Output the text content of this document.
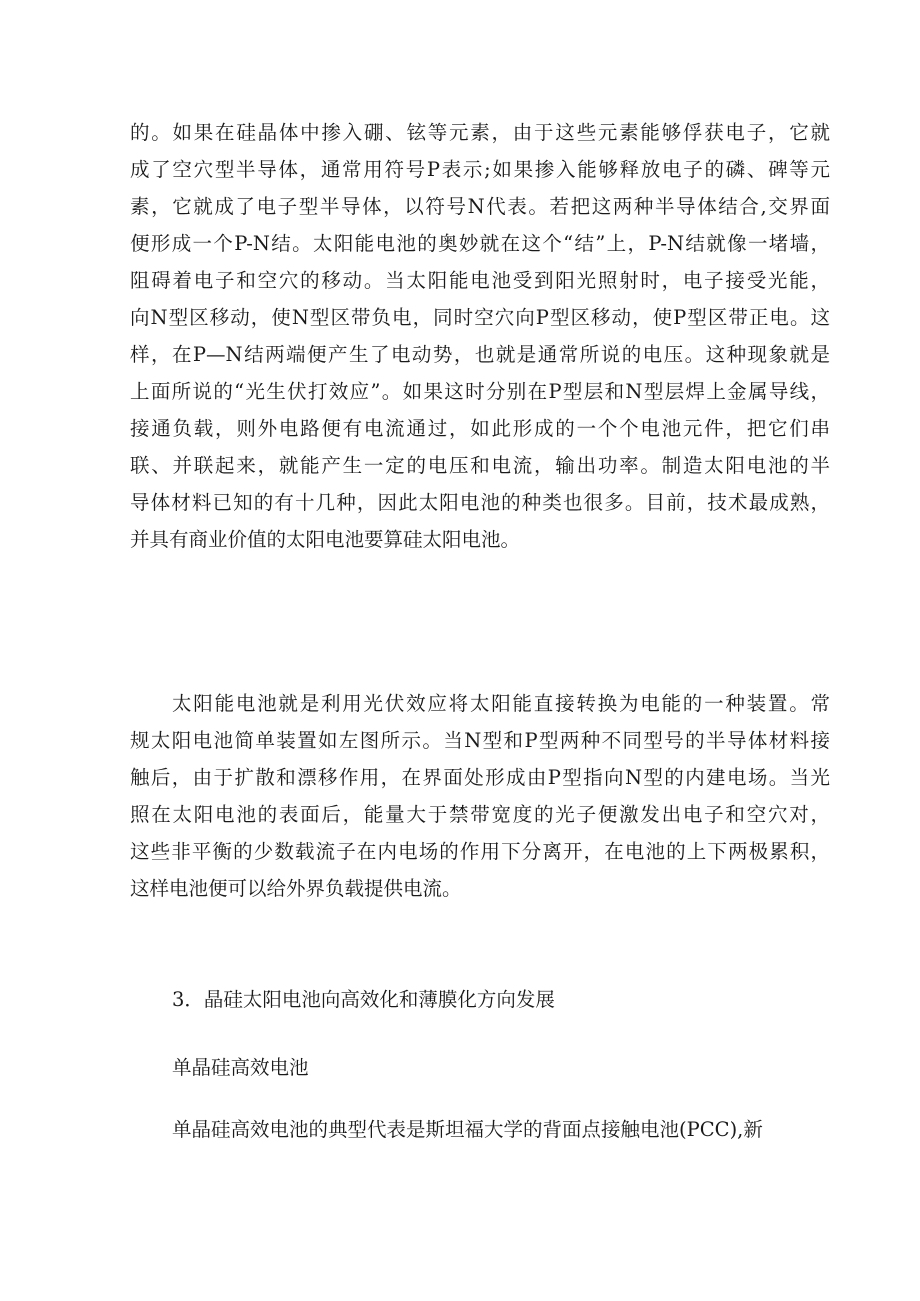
的。如果在硅晶体中掺入硼、铉等元素，由于这些元素能够俘获电子，它就
成了空穴型半导体，通常用符号P表示;如果掺入能够释放电子的磷、碑等元
素，它就成了电子型半导体，以符号N代表。若把这两种半导体结合,交界面
便形成一个P-N结。太阳能电池的奥妙就在这个“结”上，P-N结就像一堵墙，
阻碍着电子和空穴的移动。当太阳能电池受到阳光照射时，电子接受光能，
向N型区移动，使N型区带负电，同时空穴向P型区移动，使P型区带正电。这
样，在P—N结两端便产生了电动势，也就是通常所说的电压。这种现象就是
上面所说的“光生伏打效应”。如果这时分别在P型层和N型层焊上金属导线，
接通负载，则外电路便有电流通过，如此形成的一个个电池元件，把它们串
联、并联起来，就能产生一定的电压和电流，输出功率。制造太阳电池的半
导体材料已知的有十几种，因此太阳电池的种类也很多。目前，技术最成熟，
并具有商业价值的太阳电池要算硅太阳电池。
太阳能电池就是利用光伏效应将太阳能直接转换为电能的一种装置。常
规太阳电池简单装置如左图所示。当N型和P型两种不同型号的半导体材料接
触后，由于扩散和漂移作用，在界面处形成由P型指向N型的内建电场。当光
照在太阳电池的表面后，能量大于禁带宽度的光子便激发出电子和空穴对，
这些非平衡的少数载流子在内电场的作用下分离开，在电池的上下两极累积，
这样电池便可以给外界负载提供电流。
3．晶硅太阳电池向高效化和薄膜化方向发展
单晶硅高效电池
单晶硅高效电池的典型代表是斯坦福大学的背面点接触电池(PCC),新
